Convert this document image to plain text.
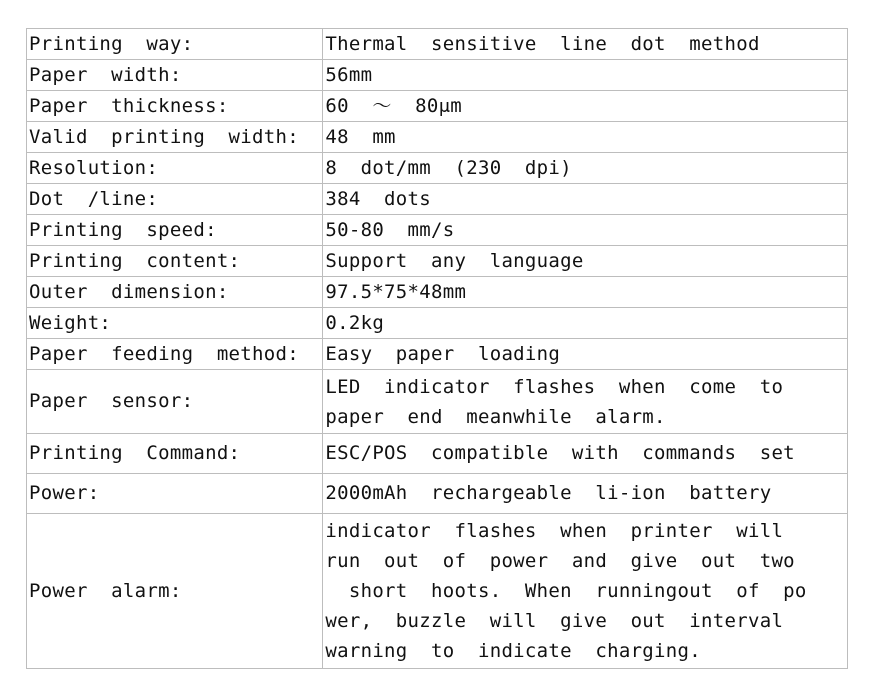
Printing  way:	Thermal  sensitive  line  dot  method
Paper  width:	56mm
Paper  thickness:	60  ～  80μm
Valid  printing  width:	48  mm
Resolution:	8  dot/mm  (230  dpi)
Dot  /line:	384  dots
Printing  speed:	50-80  mm/s
Printing  content:	Support  any  language
Outer  dimension:	97.5*75*48mm
Weight:	0.2kg
Paper  feeding  method:	Easy  paper  loading
Paper  sensor:	LED  indicator  flashes  when  come  to
paper  end  meanwhile  alarm.
Printing  Command:	ESC/POS  compatible  with  commands  set
Power:	2000mAh  rechargeable  li-ion  battery
Power  alarm:	indicator  flashes  when  printer  will
run  out  of  power  and  give  out  two
short  hoots.  When  runningout  of  po
wer,  buzzle  will  give  out  interval
warning  to  indicate  charging.
